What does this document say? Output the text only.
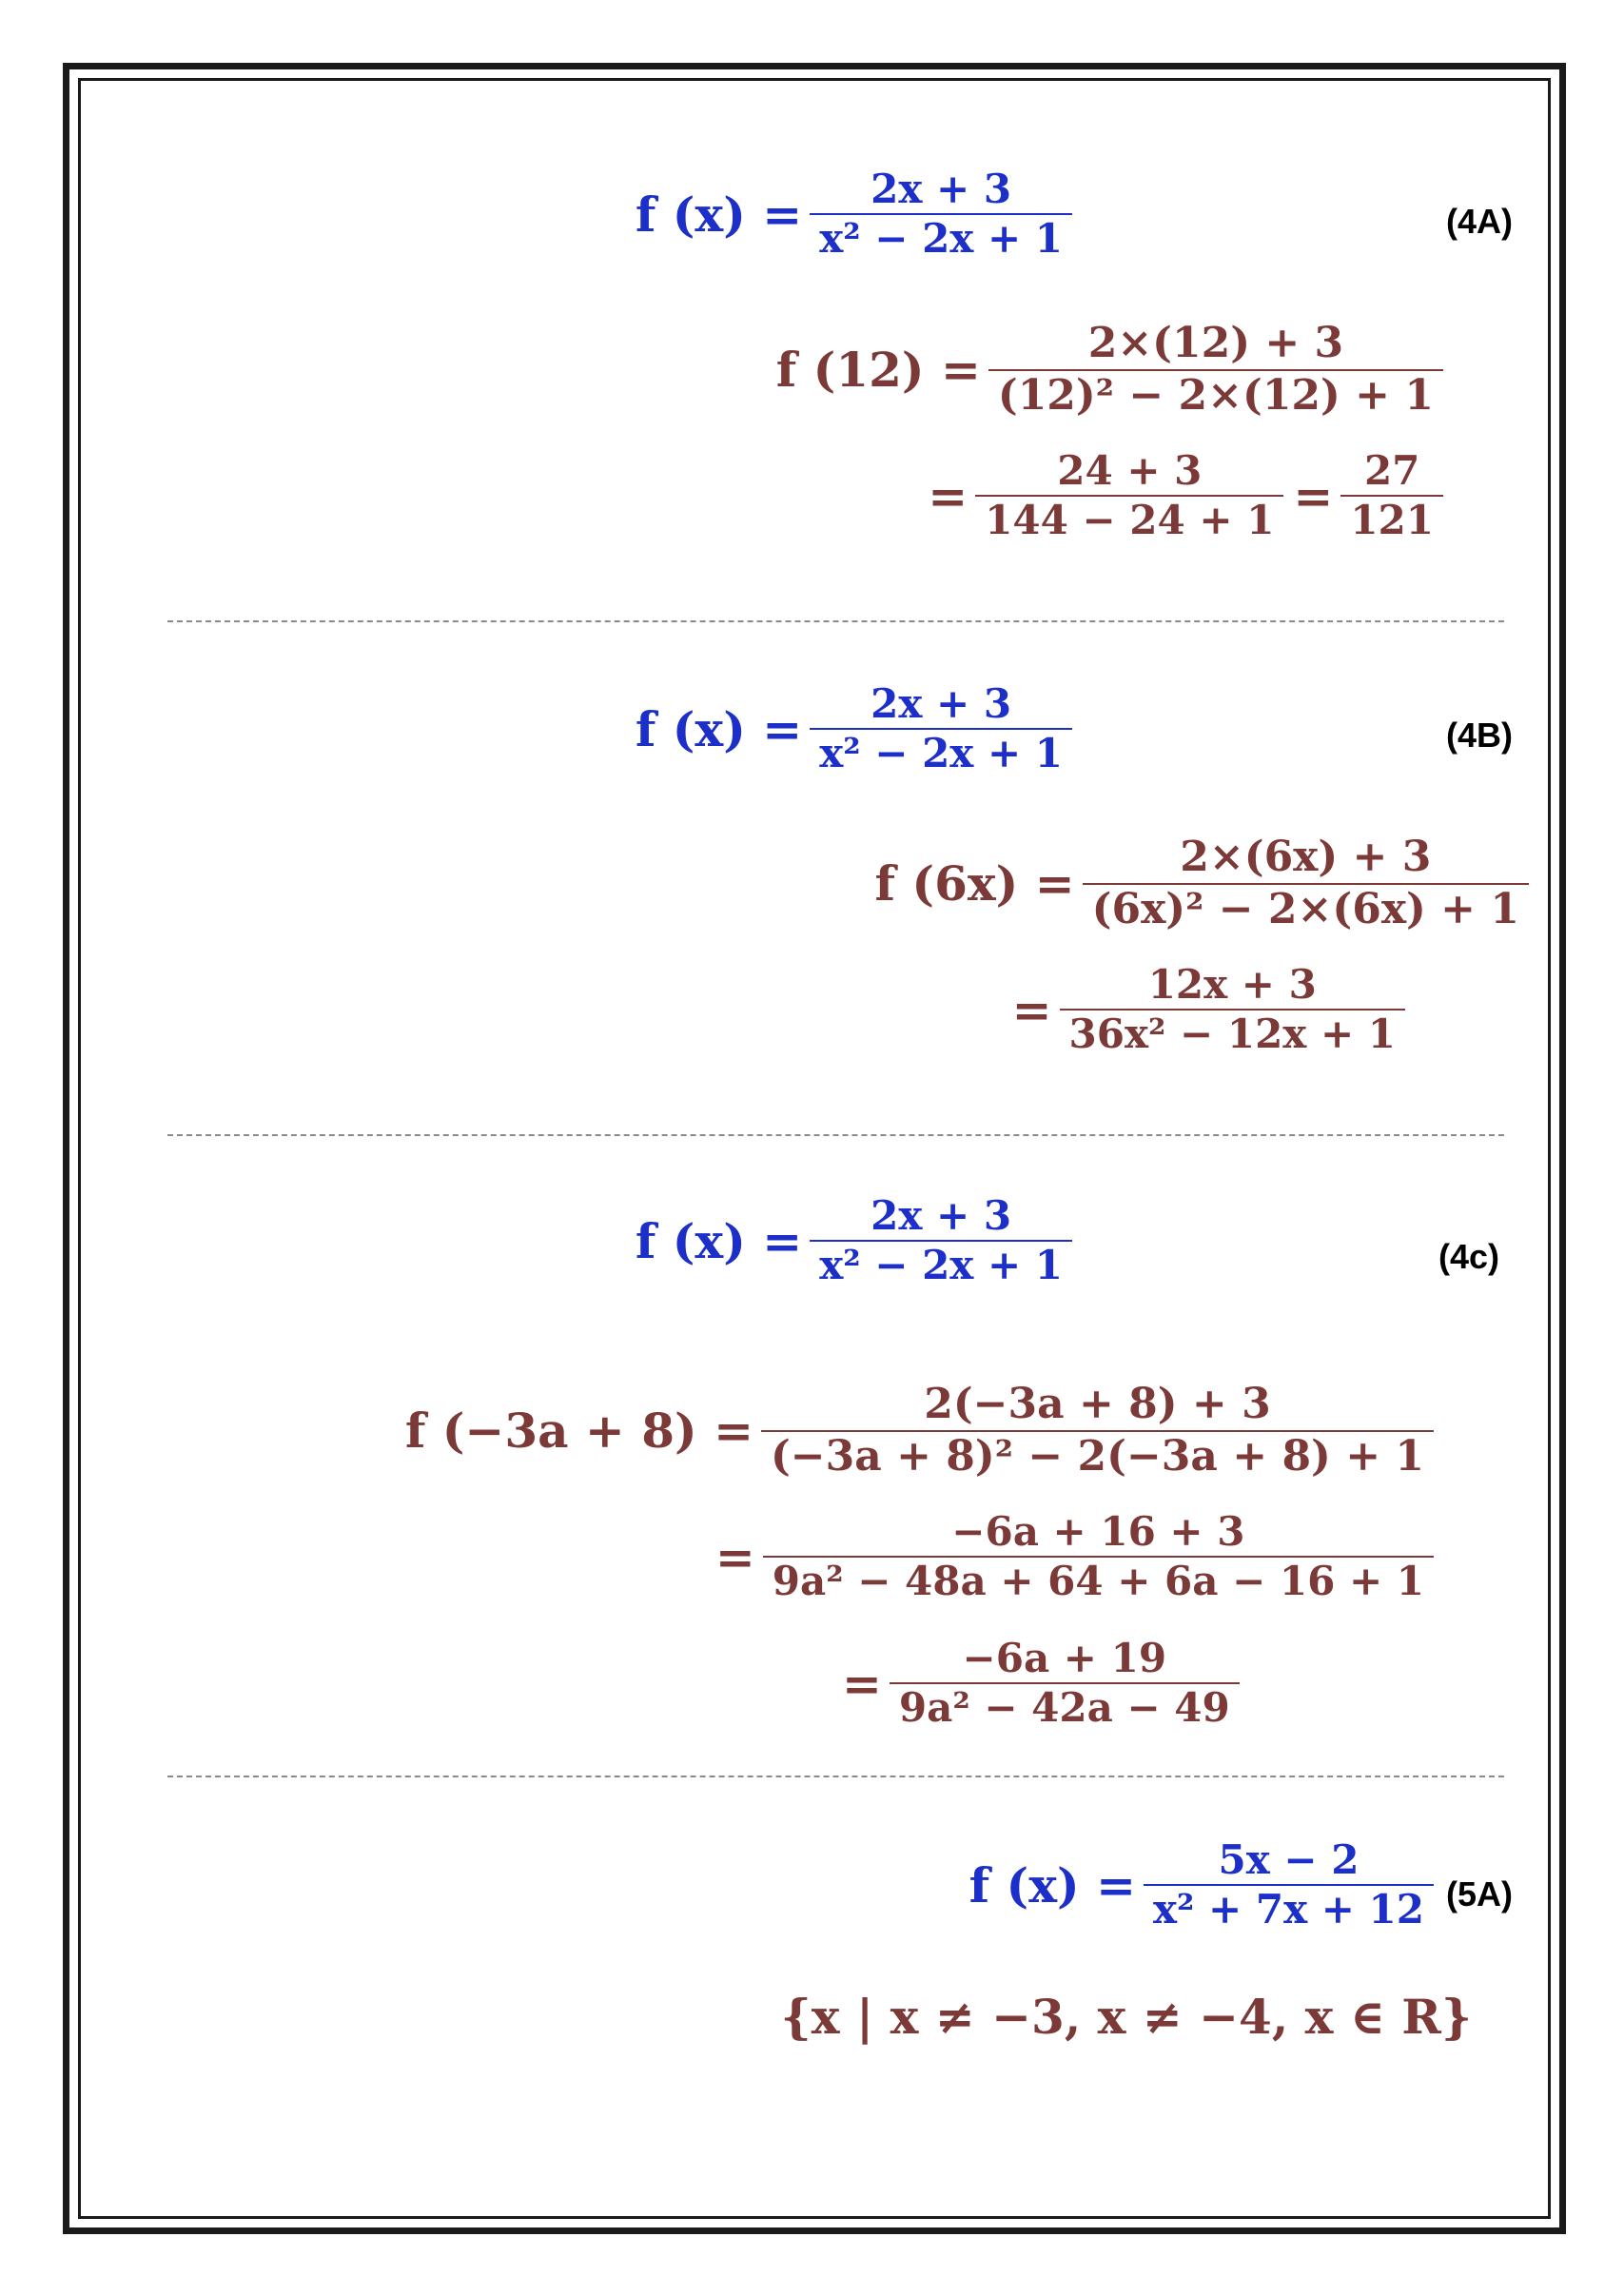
f $(x) = \frac{2x + 3}{\text{x² − 2x + 1}}$	(4A)
f $(12) = \frac{2\times(12) + 3}{\text{(12)² − 2×(12) + 1}}$
= $\frac{24 + 3}{144 - 24 + 1} = \frac{27}{121}$
f $(x) = \frac{2x + 3}{\text{x² − 2x + 1}}$	(4B)
f $(6x) = \frac{2\times(6x) + 3}{\text{(6x)² − 2×(6x) + 1}}$
= $\frac{12x + 3}{\text{36x² − 12x + 1}}$
f $(x) = \frac{2x + 3}{\text{x² − 2x + 1}}$	(4c)
f $(-3a + 8) = \frac{2(-3a + 8) + 3}{\text{(−3a + 8)² − 2(−3a + 8) + 1}}$
= $\frac{-6a + 16 + 3}{\text{9a² − 48a + 64 + 6a − 16 + 1}}$
= $\frac{-6a + 19}{\text{9a² − 42a − 49}}$
f $(x) = \frac{5x - 2}{\text{x² + 7x + 12}} (5A)$
{x | x ≠ −3, x ≠ −4, x ∈ R}
